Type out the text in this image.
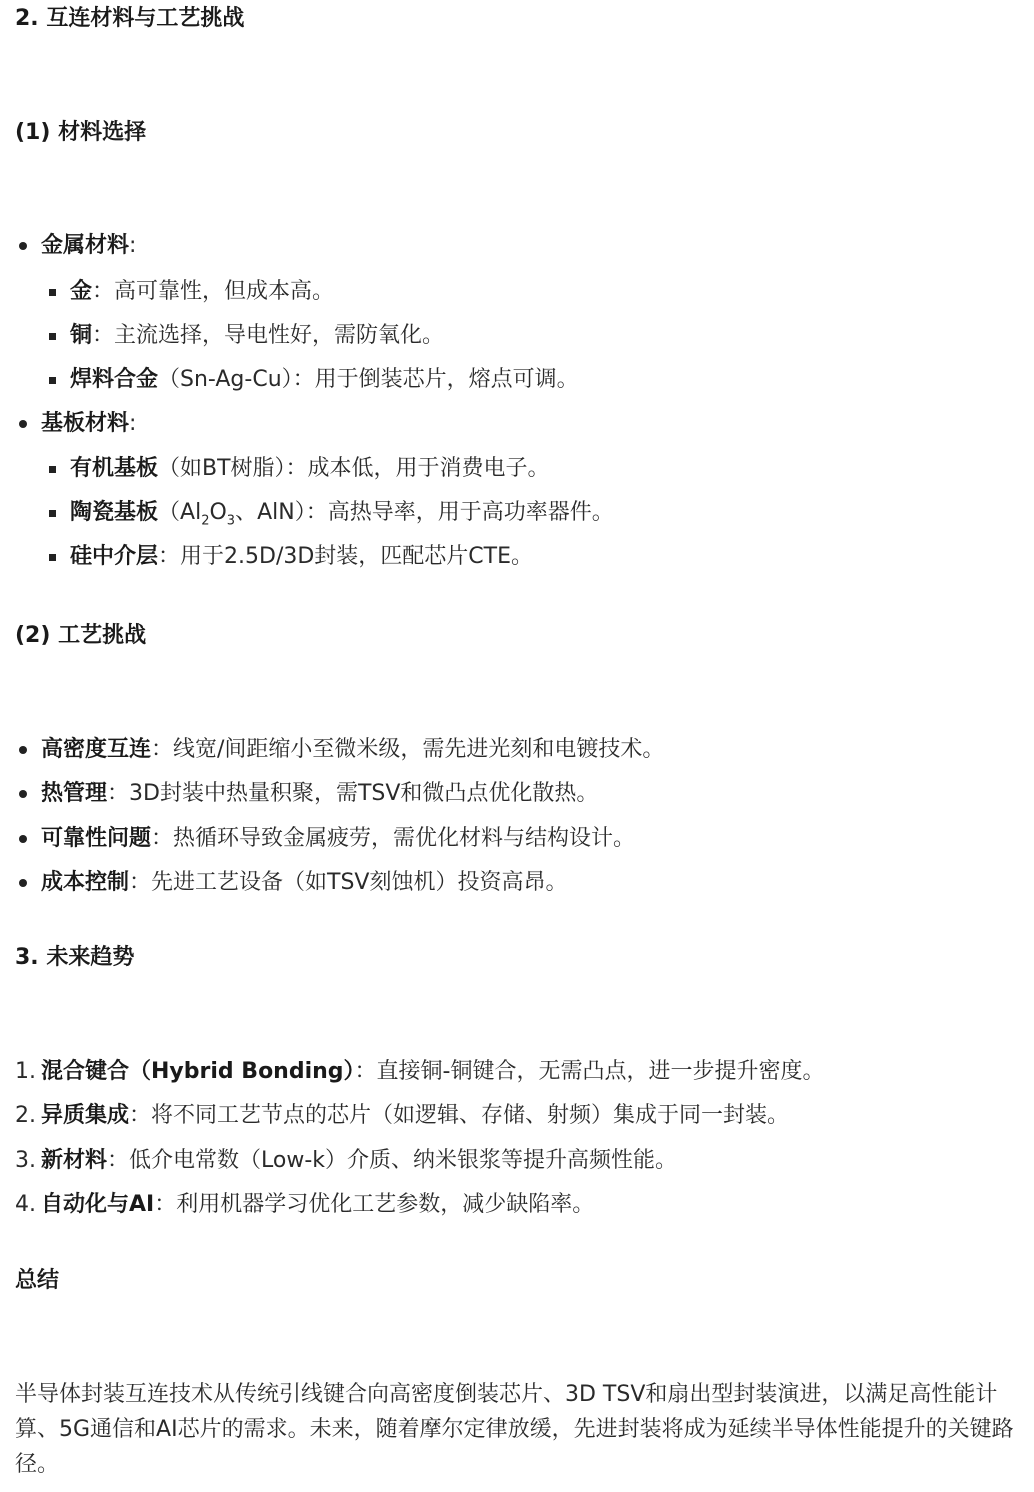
2. 互连材料与工艺挑战
(1) 材料选择
金属材料:
金：高可靠性，但成本高。
铜：主流选择，导电性好，需防氧化。
焊料合金（Sn-Ag-Cu）：用于倒装芯片，熔点可调。
基板材料:
有机基板（如BT树脂）：成本低，用于消费电子。
陶瓷基板（$Al_2O_3$、AlN）：高热导率，用于高功率器件。
硅中介层：用于2.5D/3D封装，匹配芯片CTE。
(2) 工艺挑战
高密度互连：线宽/间距缩小至微米级，需先进光刻和电镀技术。
热管理：3D封装中热量积聚，需TSV和微凸点优化散热。
可靠性问题：热循环导致金属疲劳，需优化材料与结构设计。
成本控制：先进工艺设备（如TSV刻蚀机）投资高昂。
3. 未来趋势
1. 混合键合（Hybrid Bonding）：直接铜-铜键合，无需凸点，进一步提升密度。
2. 异质集成：将不同工艺节点的芯片（如逻辑、存储、射频）集成于同一封装。
3. 新材料：低介电常数（Low-k）介质、纳米银浆等提升高频性能。
4. 自动化与AI：利用机器学习优化工艺参数，减少缺陷率。
总结
半导体封装互连技术从传统引线键合向高密度倒装芯片、3D TSV和扇出型封装演进，以满足高性能计算、5G通信和AI芯片的需求。未来，随着摩尔定律放缓，先进封装将成为延续半导体性能提升的关键路径。
